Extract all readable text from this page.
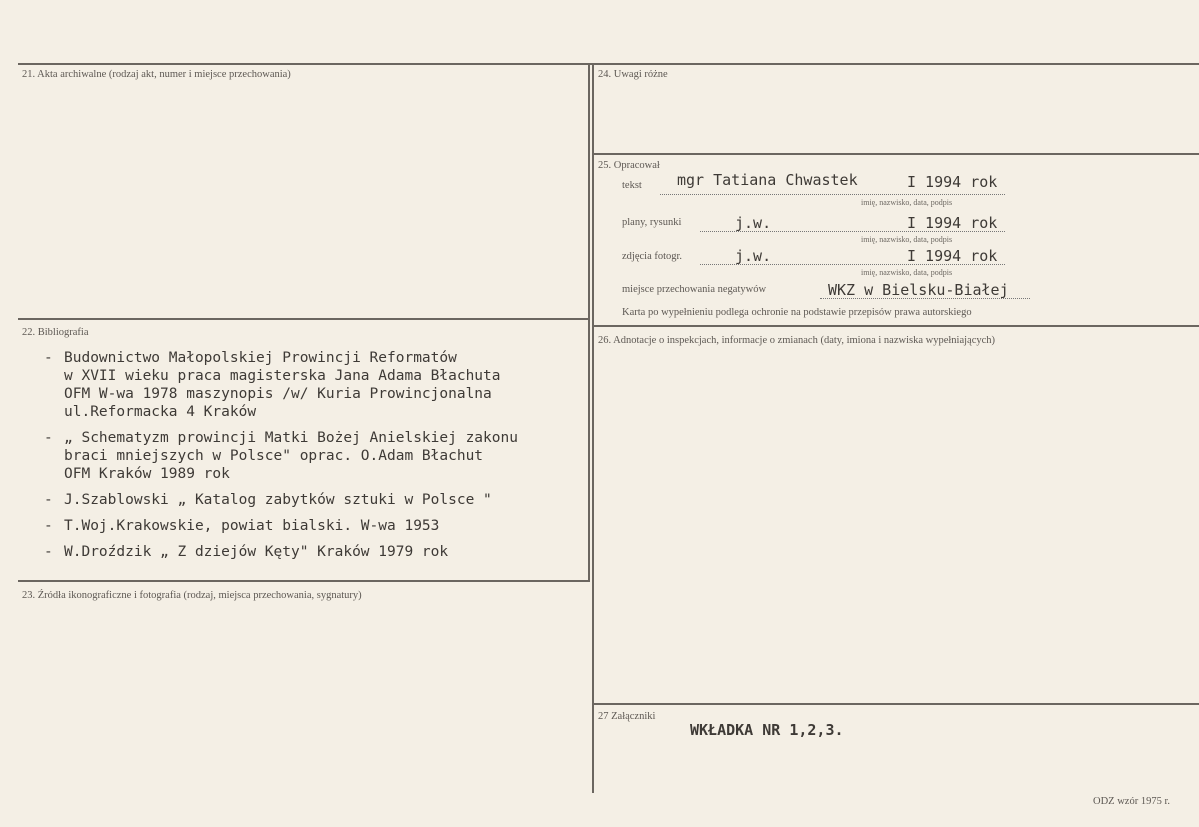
21. Akta archiwalne (rodzaj akt, numer i miejsce przechowania)
22. Bibliografia
- Budownictwo Małopolskiej Prowincji Reformatów
w XVII wieku praca magisterska Jana Adama Błachuta
OFM W-wa 1978 maszynopis /w/ Kuria Prowincjonalna
ul.Reformacka 4 Kraków
- „ Schematyzm prowincji Matki Bożej Anielskiej zakonu
braci mniejszych w Polsce" oprac. O.Adam Błachut
OFM Kraków 1989 rok
- J.Szablowski „ Katalog zabytków sztuki w Polsce "
- T.Woj.Krakowskie, powiat bialski. W-wa 1953
- W.Droździk „ Z dziejów Kęty" Kraków 1979 rok
23. Źródła ikonograficzne i fotografia (rodzaj, miejsca przechowania, sygnatury)
24. Uwagi różne
25. Opracował
tekst mgr Tatiana Chwastek	I 1994 rok
imię, nazwisko, data, podpis
plany, rysunki	j.w.	I 1994 rok
imię, nazwisko, data, podpis
zdjęcia fotogr.	j.w.	I 1994 rok
imię, nazwisko, data, podpis
miejsce przechowania negatywów	WKZ w Bielsku-Białej
Karta po wypełnieniu podlega ochronie na podstawie przepisów prawa autorskiego
26. Adnotacje o inspekcjach, informacje o zmianach (daty, imiona i nazwiska wypełniających)
27 Załączniki
WKŁADKA NR 1,2,3.
ODZ wzór 1975 r.
